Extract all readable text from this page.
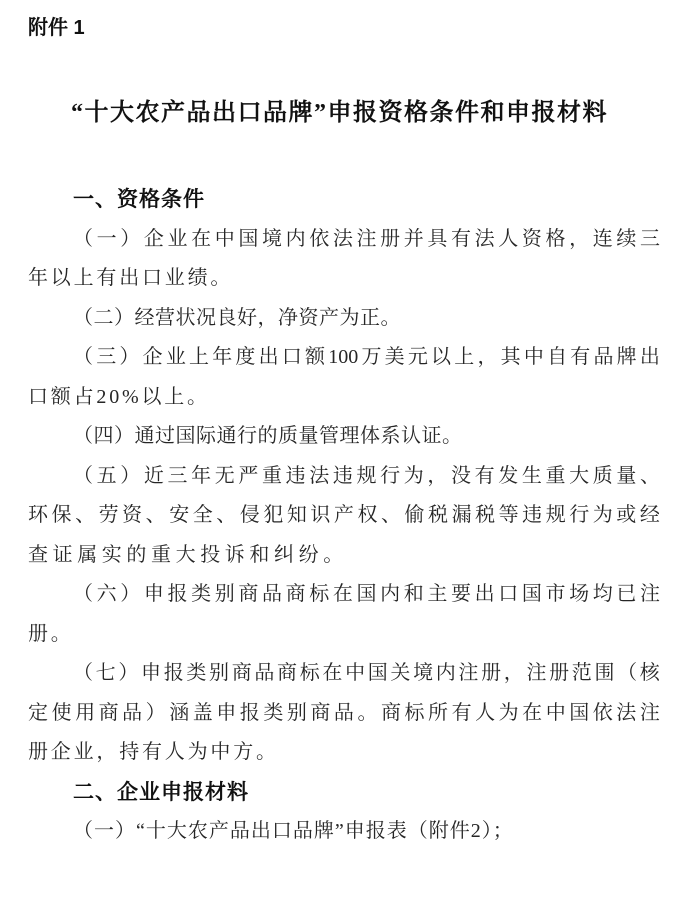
附件 1
“十大农产品出口品牌”申报资格条件和申报材料
一、资格条件
（ 一 ） 企 业 在 中 国 境 内 依 法 注 册 并 具 有 法 人 资 格 ， 连 续 三
年以上有出口业绩。
（二）经营状况良好，净资产为正。
（ 三 ） 企 业 上 年 度 出 口 额 100 万 美 元 以 上 ， 其 中 自 有 品 牌 出
口额占20%以上。
（四）通过国际通行的质量管理体系认证。
（ 五 ） 近 三 年 无 严 重 违 法 违 规 行 为 ， 没 有 发 生 重 大 质 量 、
环 保 、 劳 资 、 安 全 、 侵 犯 知 识 产 权 、 偷 税 漏 税 等 违 规 行 为 或 经
查证属实的重大投诉和纠纷。
（ 六 ） 申 报 类 别 商 品 商 标 在 国 内 和 主 要 出 口 国 市 场 均 已 注
册。
（ 七 ） 申 报 类 别 商 品 商 标 在 中 国 关 境 内 注 册 ， 注 册 范 围 （ 核
定 使 用 商 品 ） 涵 盖 申 报 类 别 商 品 。 商 标 所 有 人 为 在 中 国 依 法 注
册企业，持有人为中方。
二、企业申报材料
（一）“十大农产品出口品牌”申报表（附件2）；
